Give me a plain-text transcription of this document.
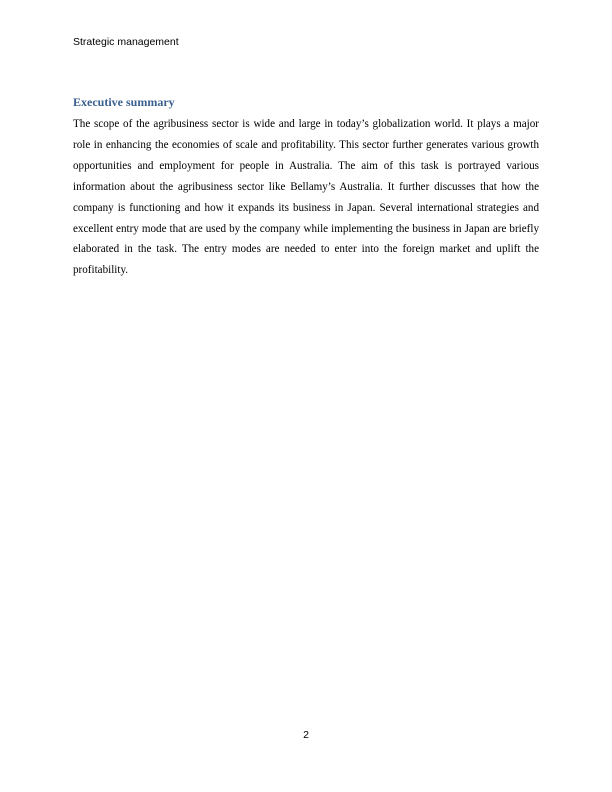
Strategic management
Executive summary

The scope of the agribusiness sector is wide and large in today’s globalization world. It plays a major role in enhancing the economies of scale and profitability. This sector further generates various growth opportunities and employment for people in Australia. The aim of this task is portrayed various information about the agribusiness sector like Bellamy’s Australia. It further discusses that how the company is functioning and how it expands its business in Japan. Several international strategies and excellent entry mode that are used by the company while implementing the business in Japan are briefly elaborated in the task. The entry modes are needed to enter into the foreign market and uplift the profitability.

2
